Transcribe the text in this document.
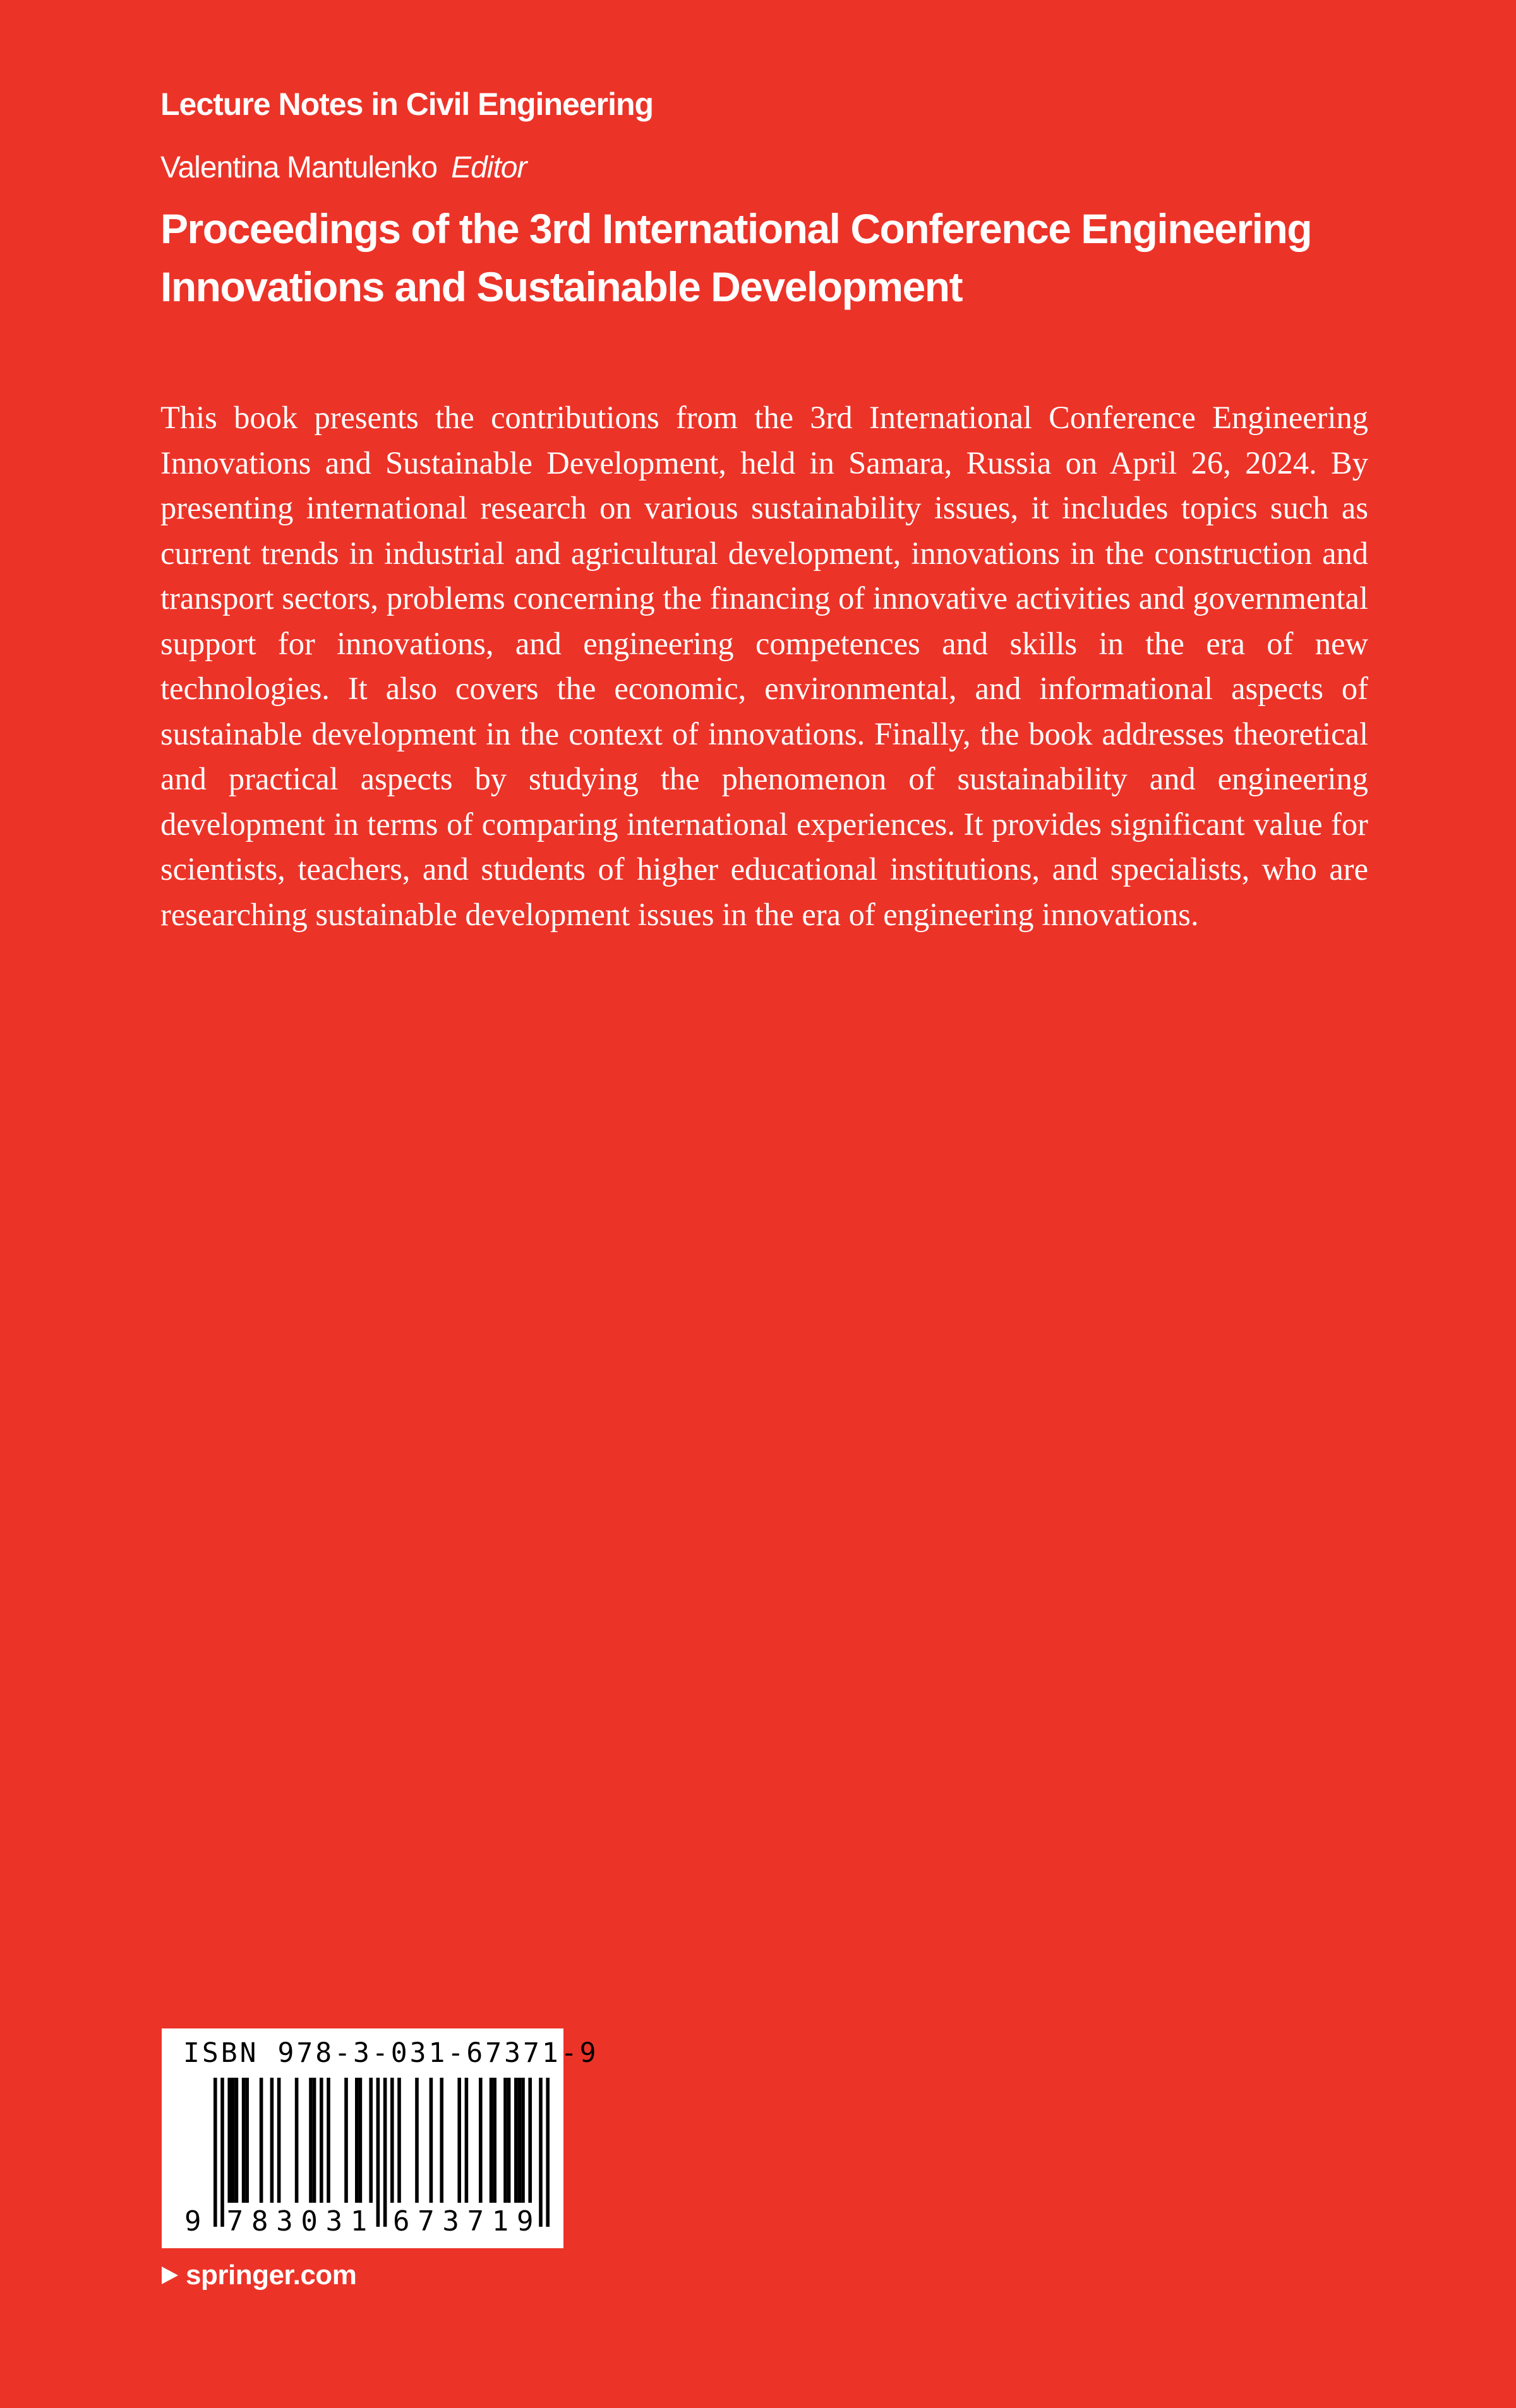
Lecture Notes in Civil Engineering
Valentina Mantulenko Editor
Proceedings of the 3rd International Conference Engineering Innovations and Sustainable Development

This book presents the contributions from the 3rd International Conference Engineering Innovations and Sustainable Development, held in Samara, Russia on April 26, 2024. By presenting international research on various sustainability issues, it includes topics such as current trends in industrial and agricultural development, innovations in the construction and transport sectors, problems concerning the financing of innovative activities and governmental support for innovations, and engineering competences and skills in the era of new technologies. It also covers the economic, environmental, and informational aspects of sustainable development in the context of innovations. Finally, the book addresses theoretical and practical aspects by studying the phenomenon of sustainability and engineering development in terms of comparing international experiences. It provides significant value for scientists, teachers, and students of higher educational institutions, and specialists, who are researching sustainable development issues in the era of engineering innovations.

9 7 8 3 0 3 1 6 7 3 7 1 9
ISBN 978-3-031-67371-9
springer.com
